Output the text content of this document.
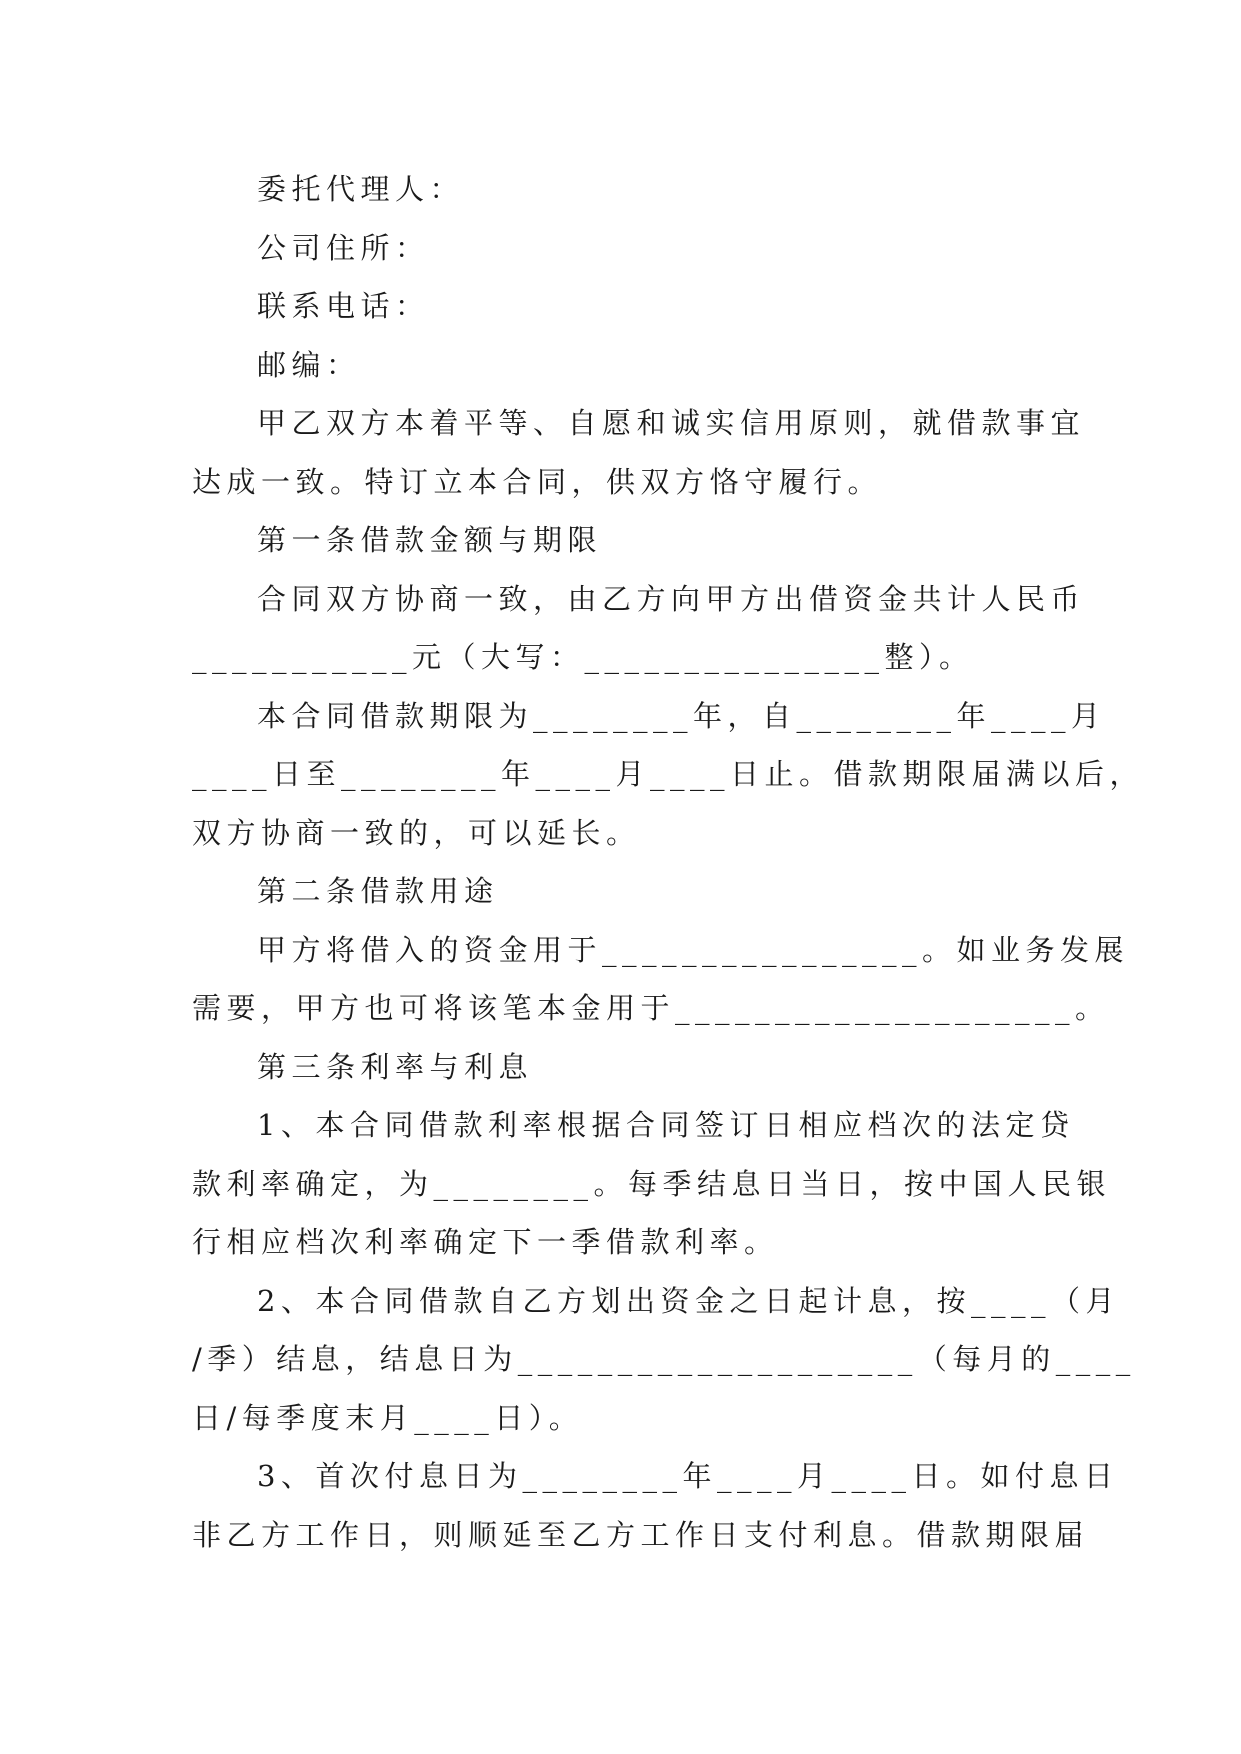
委托代理人：
公司住所：
联系电话：
邮编：
甲乙双方本着平等、自愿和诚实信用原则，就借款事宜
达成一致。特订立本合同，供双方恪守履行。
第一条借款金额与期限
合同双方协商一致，由乙方向甲方出借资金共计人民币
___________元（大写：_______________整）。
本合同借款期限为________年，自________年____月
____日至________年____月____日止。借款期限届满以后，
双方协商一致的，可以延长。
第二条借款用途
甲方将借入的资金用于________________。如业务发展
需要，甲方也可将该笔本金用于____________________。
第三条利率与利息
1、本合同借款利率根据合同签订日相应档次的法定贷
款利率确定，为________。每季结息日当日，按中国人民银
行相应档次利率确定下一季借款利率。
2、本合同借款自乙方划出资金之日起计息，按____（月
/季）结息，结息日为____________________（每月的____
日/每季度末月____日）。
3、首次付息日为________年____月____日。如付息日
非乙方工作日，则顺延至乙方工作日支付利息。借款期限届
